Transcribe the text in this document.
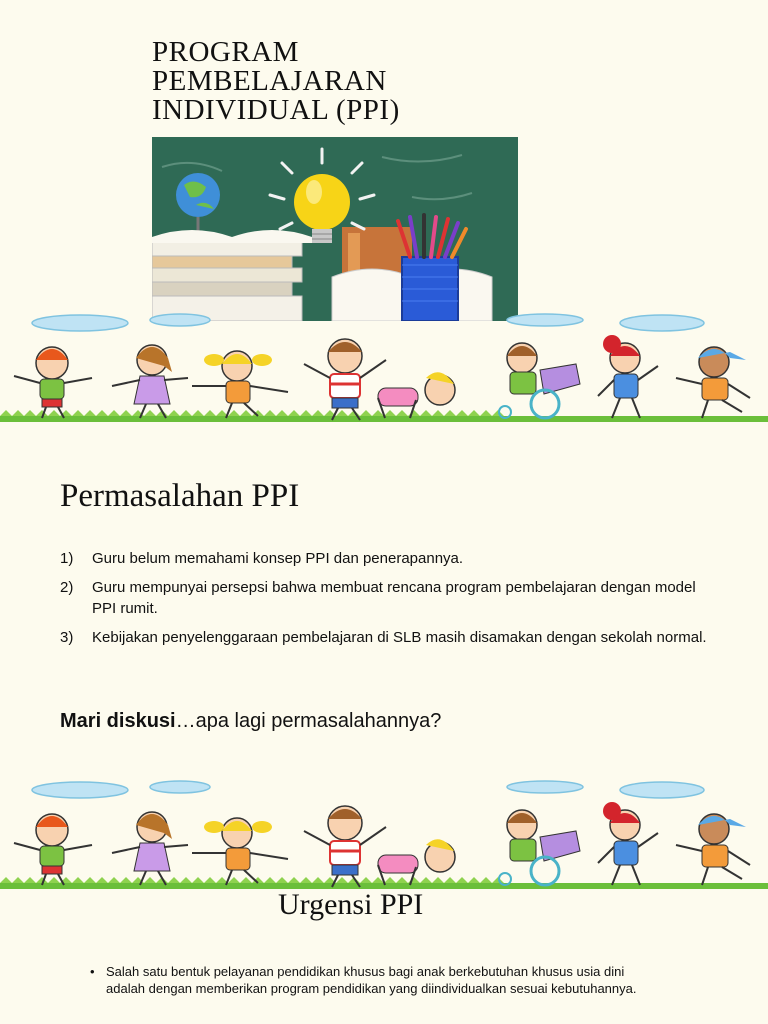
PROGRAM
PEMBELAJARAN
INDIVIDUAL (PPI)
Permasalahan PPI
1) Guru belum memahami konsep PPI dan penerapannya.
2) Guru mempunyai persepsi bahwa membuat rencana program pembelajaran dengan model PPI rumit.
3) Kebijakan penyelenggaraan pembelajaran di SLB masih disamakan dengan sekolah normal.
Mari diskusi…apa lagi permasalahannya?
Urgensi PPI
• Salah satu bentuk pelayanan pendidikan khusus bagi anak berkebutuhan khusus usia dini adalah dengan memberikan program pendidikan yang diindividualkan sesuai kebutuhannya.
